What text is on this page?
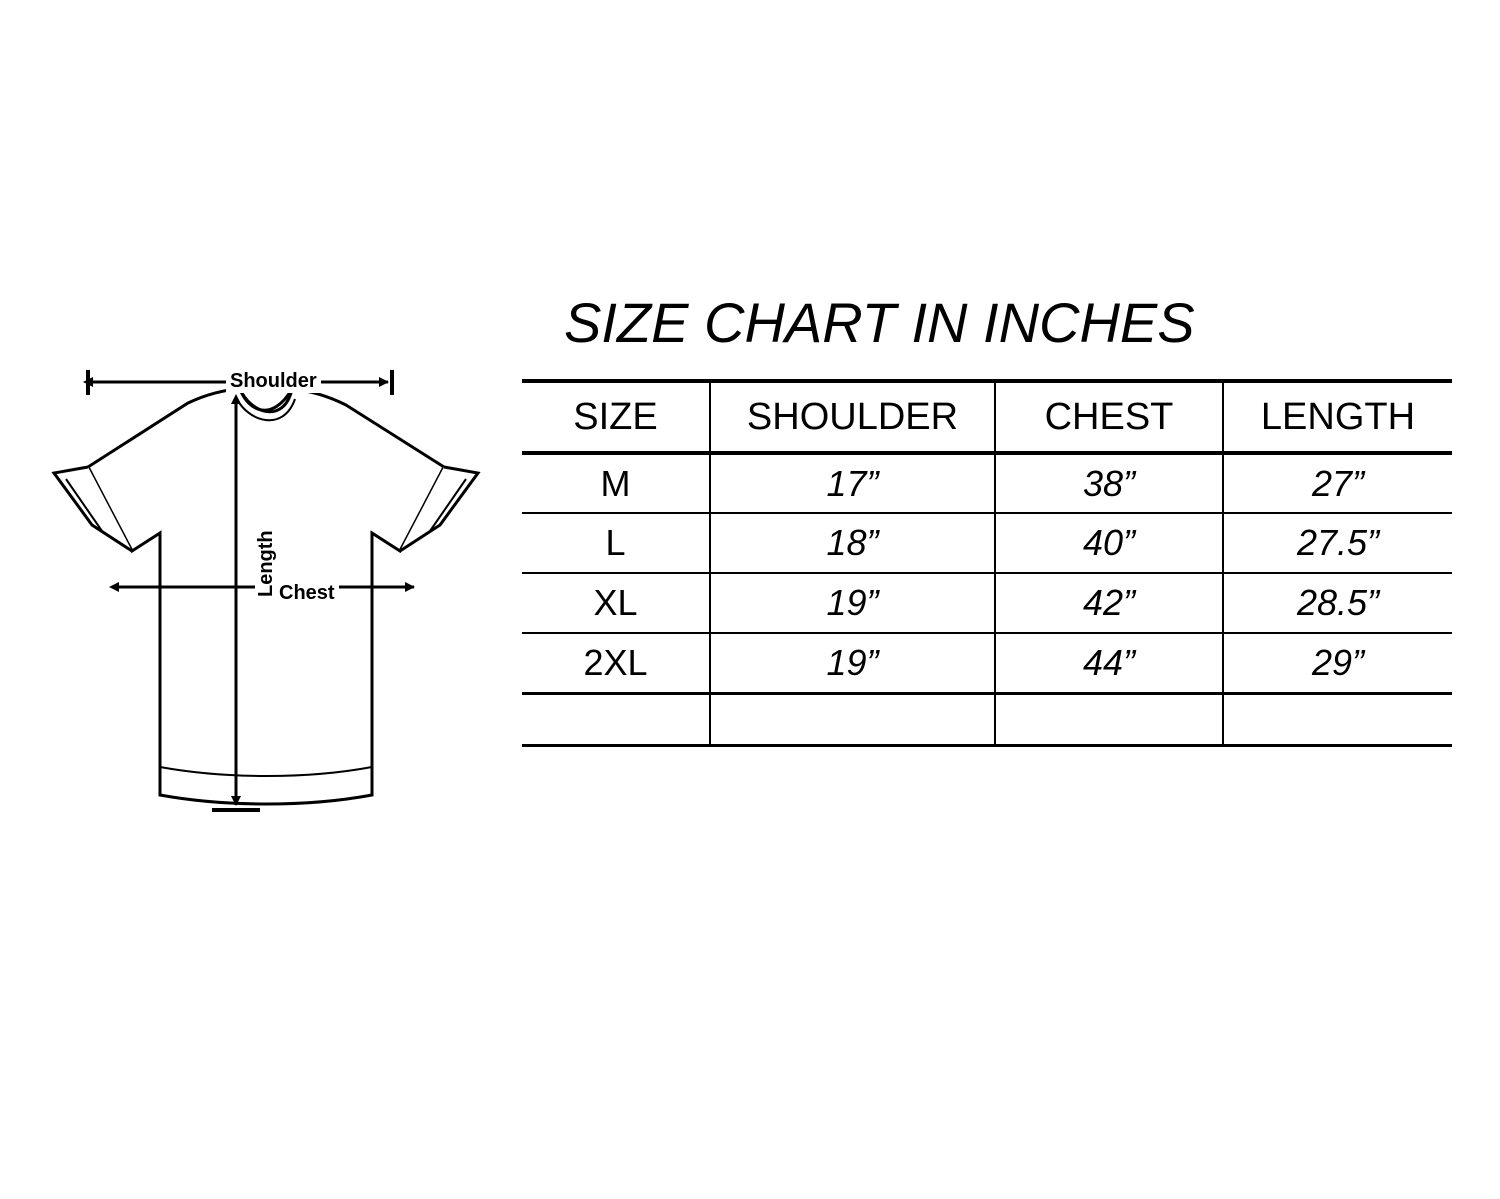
Shoulder
Chest
Length
SIZE CHART IN INCHES
SIZE	SHOULDER	CHEST	LENGTH
M	17”	38”	27”
L	18”	40”	27.5”
XL	19”	42”	28.5”
2XL	19”	44”	29”
